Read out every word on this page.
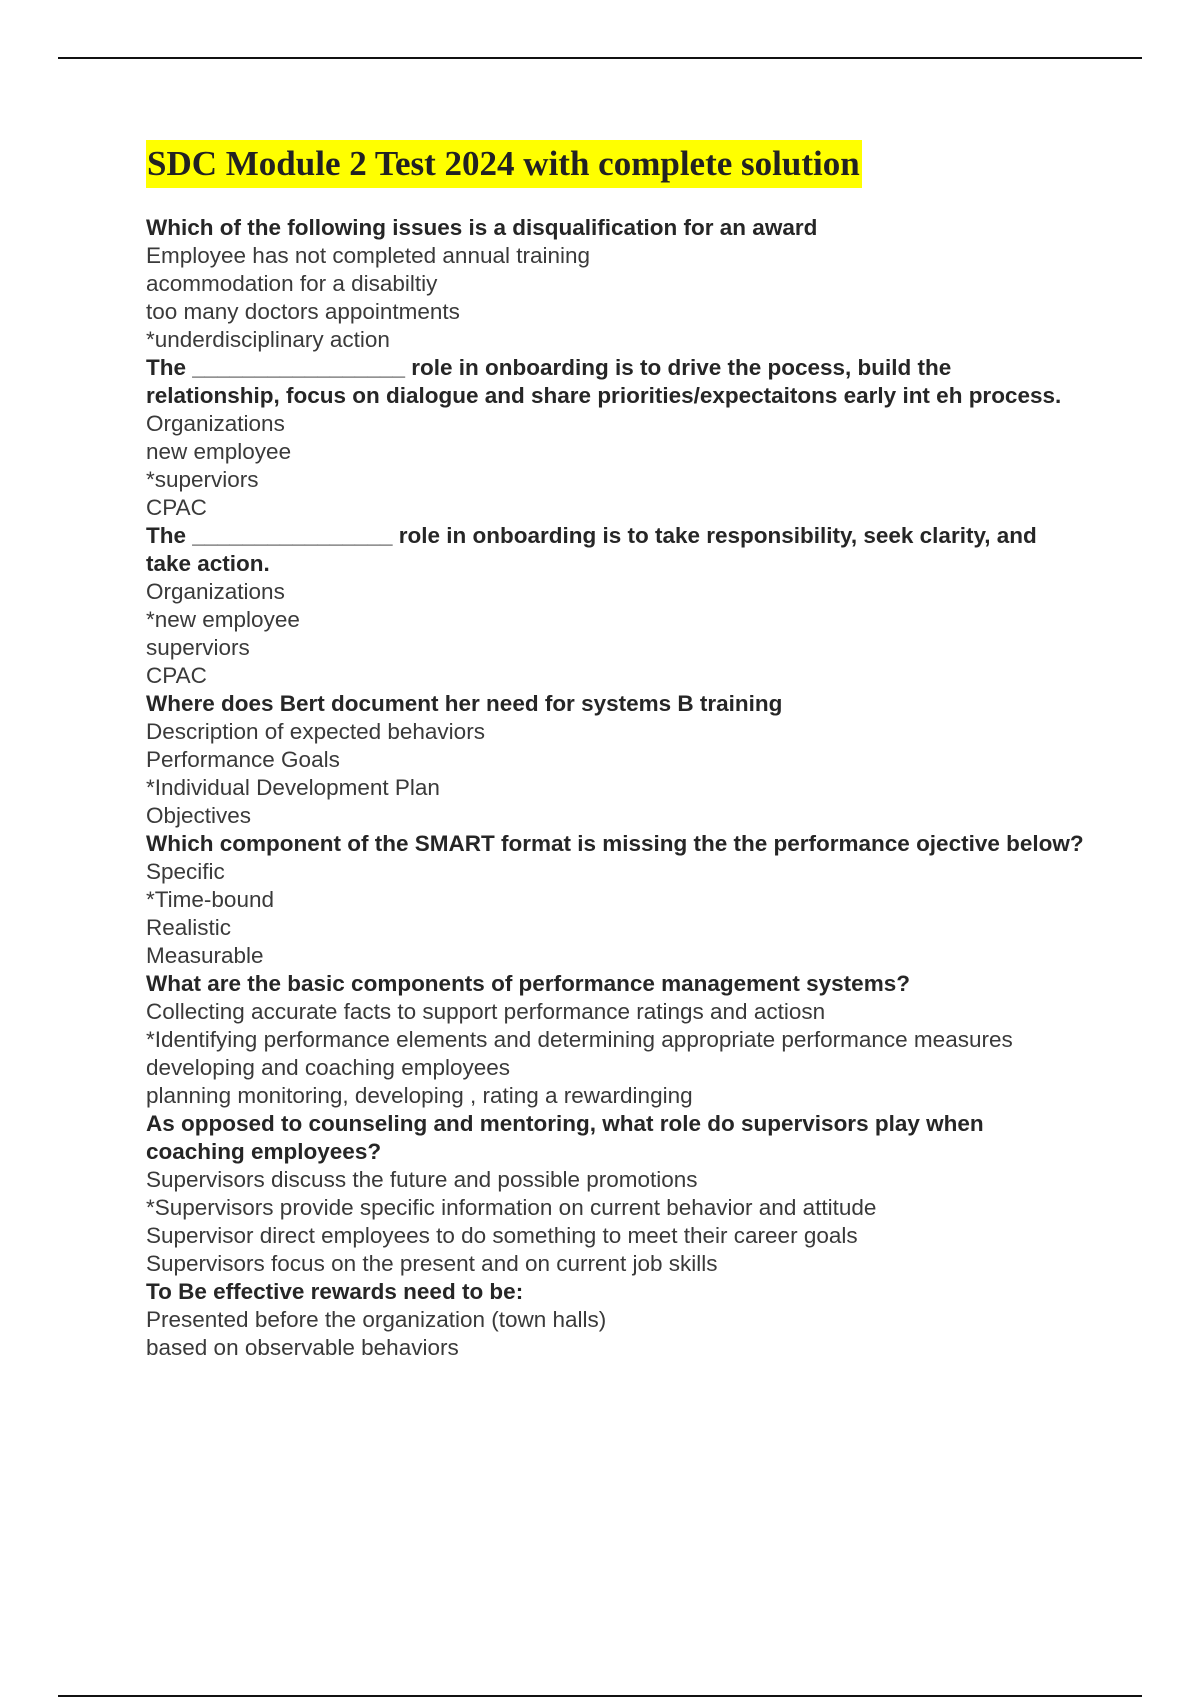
SDC Module 2 Test 2024 with complete solution

Which of the following issues is a disqualification for an award

Employee has not completed annual training
acommodation for a disabiltiy
too many doctors appointments
*underdisciplinary action

The _________________ role in onboarding is to drive the pocess, build the relationship, focus on dialogue and share priorities/expectaitons early int eh process.

Organizations
new employee
*superviors
CPAC

The ________________ role in onboarding is to take responsibility, seek clarity, and take action.

Organizations
*new employee
superviors
CPAC

Where does Bert document her need for systems B training

Description of expected behaviors
Performance Goals
*Individual Development Plan
Objectives

Which component of the SMART format is missing the the performance ojective below?

Specific
*Time-bound
Realistic
Measurable

What are the basic components of performance management systems?

Collecting accurate facts to support performance ratings and actiosn
*Identifying performance elements and determining appropriate performance measures
developing and coaching employees
planning monitoring, developing , rating a rewardinging

As opposed to counseling and mentoring, what role do supervisors play when coaching employees?

Supervisors discuss the future and possible promotions
*Supervisors provide specific information on current behavior and attitude
Supervisor direct employees to do something to meet their career goals
Supervisors focus on the present and on current job skills

To Be effective rewards need to be:

Presented before the organization (town halls)
based on observable behaviors
